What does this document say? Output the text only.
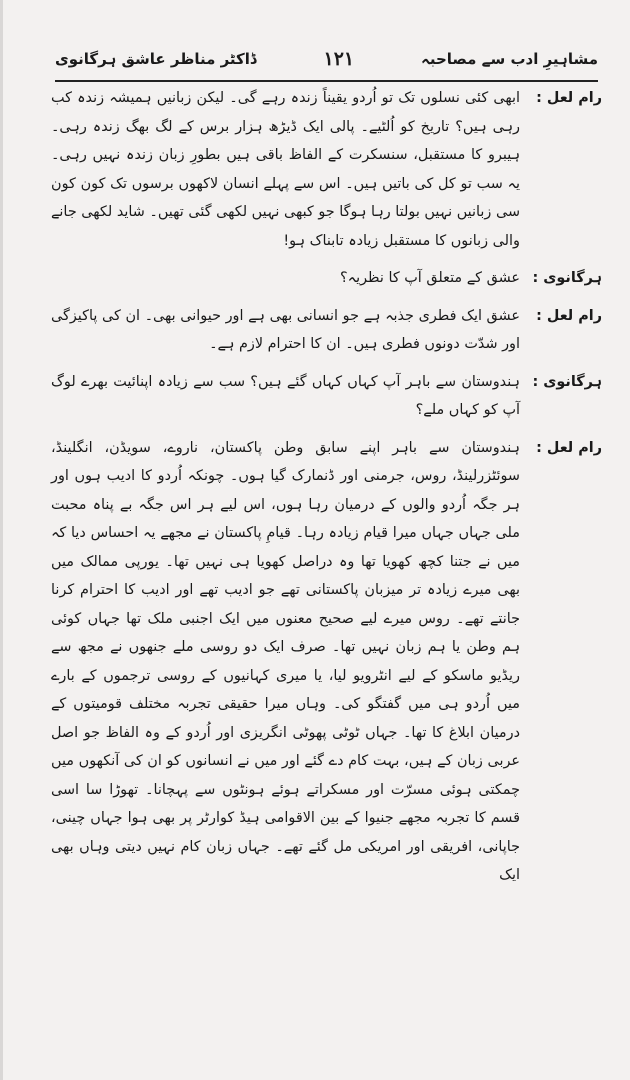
مشاہیرِ ادب سے مصاحبہ
۱۲۱
ڈاکٹر مناظر عاشق ہرگانوی
رام لعل :

ابھی کئی نسلوں تک تو اُردو یقیناً زندہ رہے گی۔ لیکن زبانیں ہمیشہ زندہ کب رہی ہیں؟ تاریخ کو اُلٹیے۔ پالی ایک ڈیڑھ ہزار برس کے لگ بھگ زندہ رہی۔ ہیبرو کا مستقبل، سنسکرت کے الفاظ باقی ہیں بطورِ زبان زندہ نہیں رہی۔ یہ سب تو کل کی باتیں ہیں۔ اس سے پہلے انسان لاکھوں برسوں تک کون کون سی زبانیں نہیں بولتا رہا ہوگا جو کبھی نہیں لکھی گئی تھیں۔ شاید لکھی جانے والی زبانوں کا مستقبل زیادہ تابناک ہو!

ہرگانوی :

عشق کے متعلق آپ کا نظریہ؟

رام لعل :

عشق ایک فطری جذبہ ہے جو انسانی بھی ہے اور حیوانی بھی۔ ان کی پاکیزگی اور شدّت دونوں فطری ہیں۔ ان کا احترام لازم ہے۔

ہرگانوی :

ہندوستان سے باہر آپ کہاں کہاں گئے ہیں؟ سب سے زیادہ اپنائیت بھرے لوگ آپ کو کہاں ملے؟

رام لعل :

ہندوستان سے باہر اپنے سابق وطن پاکستان، ناروے، سویڈن، انگلینڈ، سوئٹزرلینڈ، روس، جرمنی اور ڈنمارک گیا ہوں۔ چونکہ اُردو کا ادیب ہوں اور ہر جگہ اُردو والوں کے درمیان رہا ہوں، اس لیے ہر اس جگہ بے پناہ محبت ملی جہاں جہاں میرا قیام زیادہ رہا۔ قیامِ پاکستان نے مجھے یہ احساس دیا کہ میں نے جتنا کچھ کھویا تھا وہ دراصل کھویا ہی نہیں تھا۔ یورپی ممالک میں بھی میرے زیادہ تر میزبان پاکستانی تھے جو ادیب تھے اور ادیب کا احترام کرنا جانتے تھے۔ روس میرے لیے صحیح معنوں میں ایک اجنبی ملک تھا جہاں کوئی ہم وطن یا ہم زبان نہیں تھا۔ صرف ایک دو روسی ملے جنھوں نے مجھ سے ریڈیو ماسکو کے لیے انٹرویو لیا، یا میری کہانیوں کے روسی ترجموں کے بارے میں اُردو ہی میں گفتگو کی۔ وہاں میرا حقیقی تجربہ مختلف قومیتوں کے درمیان ابلاغ کا تھا۔ جہاں ٹوٹی پھوٹی انگریزی اور اُردو کے وہ الفاظ جو اصل عربی زبان کے ہیں، بہت کام دے گئے اور میں نے انسانوں کو ان کی آنکھوں میں چمکتی ہوئی مسرّت اور مسکراتے ہوئے ہونٹوں سے پہچانا۔ تھوڑا سا اسی قسم کا تجربہ مجھے جنیوا کے بین الاقوامی ہیڈ کوارٹر پر بھی ہوا جہاں چینی، جاپانی، افریقی اور امریکی مل گئے تھے۔ جہاں زبان کام نہیں دیتی وہاں بھی ایک
